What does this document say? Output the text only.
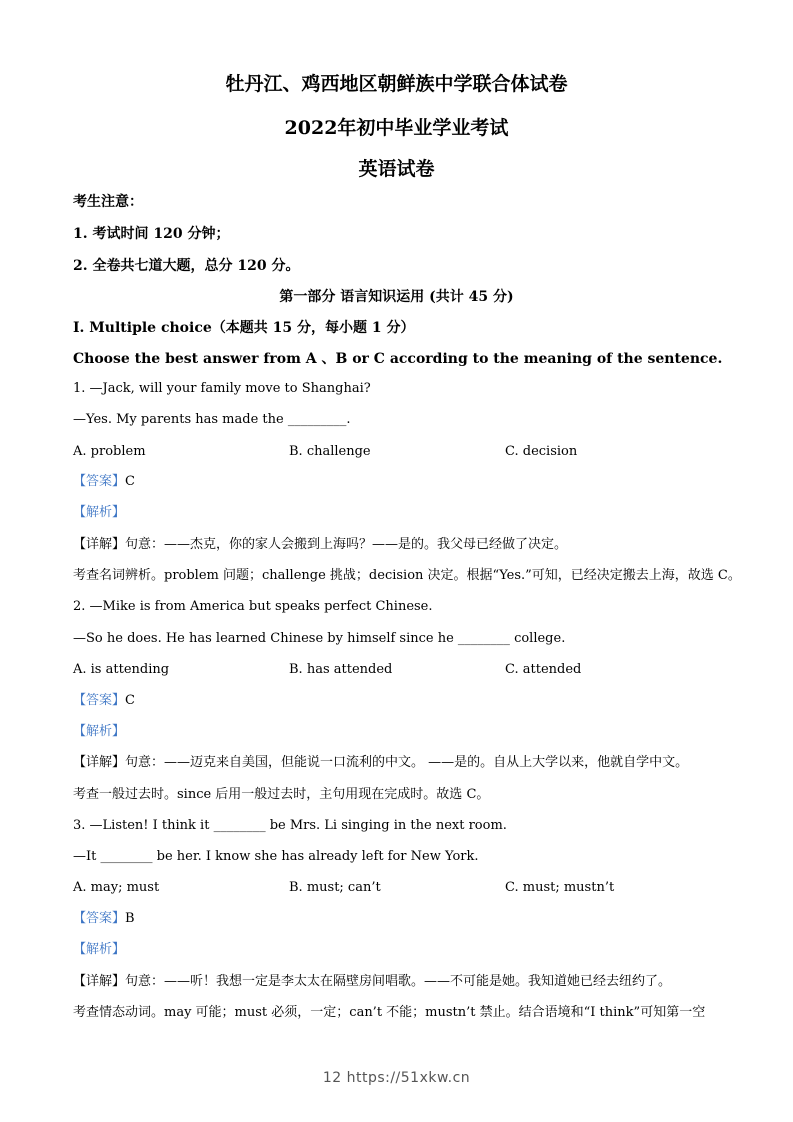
牡丹江、鸡西地区朝鲜族中学联合体试卷
2022年初中毕业学业考试
英语试卷
考生注意：
1. 考试时间 120 分钟；
2. 全卷共七道大题，总分 120 分。
第一部分 语言知识运用 (共计 45 分)
I. Multiple choice（本题共 15 分，每小题 1 分）
Choose the best answer from A 、B or C according to the meaning of the sentence.
1. —Jack, will your family move to Shanghai?
—Yes. My parents has made the _________.
A. problem	B. challenge	C. decision
【答案】C
【解析】
【详解】句意：——杰克，你的家人会搬到上海吗？——是的。我父母已经做了决定。
考查名词辨析。problem 问题；challenge 挑战；decision 决定。根据“Yes.”可知，已经决定搬去上海，故选 C。
2. —Mike is from America but speaks perfect Chinese.
—So he does. He has learned Chinese by himself since he ________ college.
A. is attending	B. has attended	C. attended
【答案】C
【解析】
【详解】句意：——迈克来自美国，但能说一口流利的中文。 ——是的。自从上大学以来，他就自学中文。
考查一般过去时。since 后用一般过去时，主句用现在完成时。故选 C。
3. —Listen! I think it ________ be Mrs. Li singing in the next room.
—It ________ be her. I know she has already left for New York.
A. may; must	B. must; can’t	C. must; mustn’t
【答案】B
【解析】
【详解】句意：——听！我想一定是李太太在隔壁房间唱歌。——不可能是她。我知道她已经去纽约了。
考查情态动词。may 可能；must 必须，一定；can’t 不能；mustn’t 禁止。结合语境和“I think”可知第一空
12 https://51xkw.cn
